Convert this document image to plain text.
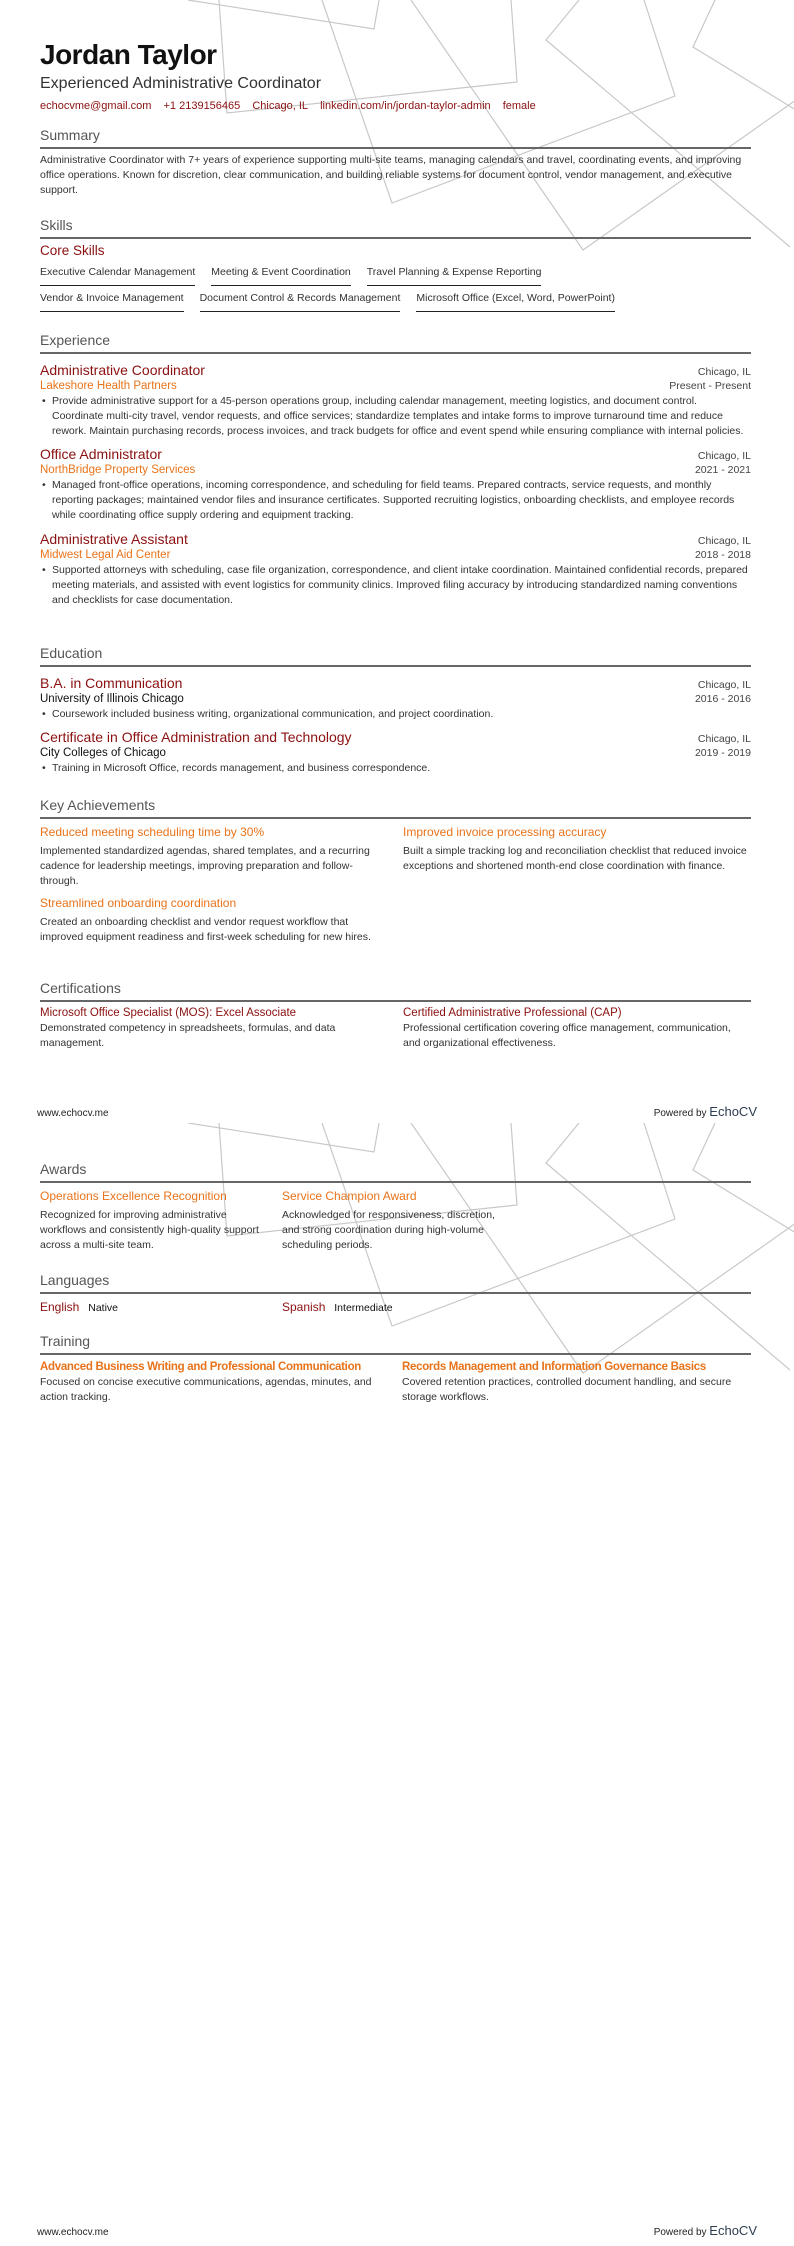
Jordan Taylor
Experienced Administrative Coordinator
echocvme@gmail.com +1 2139156465 Chicago, IL linkedin.com/in/jordan-taylor-admin female
Summary
Administrative Coordinator with 7+ years of experience supporting multi-site teams, managing calendars and travel, coordinating events, and improving office operations. Known for discretion, clear communication, and building reliable systems for document control, vendor management, and executive support.
Skills
Core Skills
Executive Calendar Management Meeting & Event Coordination Travel Planning & Expense Reporting
Vendor & Invoice Management Document Control & Records Management Microsoft Office (Excel, Word, PowerPoint)
Experience
Administrative Coordinator	Chicago, IL
Lakeshore Health Partners	Present - Present
• Provide administrative support for a 45-person operations group, including calendar management, meeting logistics, and document control. Coordinate multi-city travel, vendor requests, and office services; standardize templates and intake forms to improve turnaround time and reduce rework. Maintain purchasing records, process invoices, and track budgets for office and event spend while ensuring compliance with internal policies.
Office Administrator	Chicago, IL
NorthBridge Property Services	2021 - 2021
• Managed front-office operations, incoming correspondence, and scheduling for field teams. Prepared contracts, service requests, and monthly reporting packages; maintained vendor files and insurance certificates. Supported recruiting logistics, onboarding checklists, and employee records while coordinating office supply ordering and equipment tracking.
Administrative Assistant	Chicago, IL
Midwest Legal Aid Center	2018 - 2018
• Supported attorneys with scheduling, case file organization, correspondence, and client intake coordination. Maintained confidential records, prepared meeting materials, and assisted with event logistics for community clinics. Improved filing accuracy by introducing standardized naming conventions and checklists for case documentation.
Education
B.A. in Communication	Chicago, IL
University of Illinois Chicago	2016 - 2016
• Coursework included business writing, organizational communication, and project coordination.
Certificate in Office Administration and Technology	Chicago, IL
City Colleges of Chicago	2019 - 2019
• Training in Microsoft Office, records management, and business correspondence.
Key Achievements
Reduced meeting scheduling time by 30%
Implemented standardized agendas, shared templates, and a recurring cadence for leadership meetings, improving preparation and follow-through.
Improved invoice processing accuracy
Built a simple tracking log and reconciliation checklist that reduced invoice exceptions and shortened month-end close coordination with finance.
Streamlined onboarding coordination
Created an onboarding checklist and vendor request workflow that improved equipment readiness and first-week scheduling for new hires.
Certifications
Microsoft Office Specialist (MOS): Excel Associate
Demonstrated competency in spreadsheets, formulas, and data management.
Certified Administrative Professional (CAP)
Professional certification covering office management, communication, and organizational effectiveness.
www.echocv.me	Powered by EchoCV
Awards
Operations Excellence Recognition
Recognized for improving administrative workflows and consistently high-quality support across a multi-site team.
Service Champion Award
Acknowledged for responsiveness, discretion, and strong coordination during high-volume scheduling periods.
Languages
English Native	Spanish Intermediate
Training
Advanced Business Writing and Professional Communication
Focused on concise executive communications, agendas, minutes, and action tracking.
Records Management and Information Governance Basics
Covered retention practices, controlled document handling, and secure storage workflows.
www.echocv.me	Powered by EchoCV
